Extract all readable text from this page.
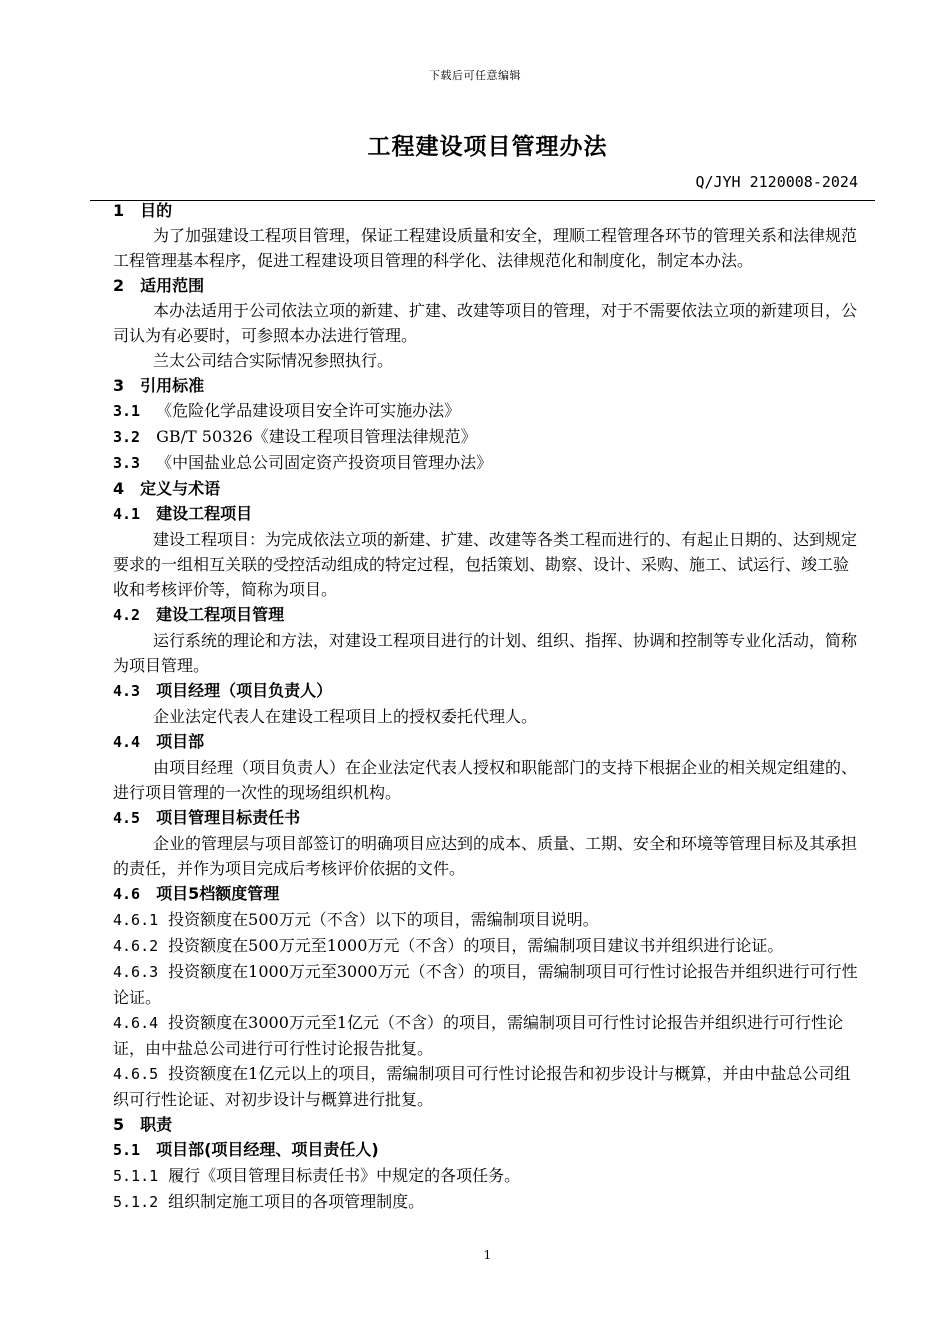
下载后可任意编辑
工程建设项目管理办法
Q/JYH 2120008-2024
1 目的
为了加强建设工程项目管理，保证工程建设质量和安全，理顺工程管理各环节的管理关系和法律规范工程管理基本程序，促进工程建设项目管理的科学化、法律规范化和制度化，制定本办法。
2 适用范围
本办法适用于公司依法立项的新建、扩建、改建等项目的管理，对于不需要依法立项的新建项目，公司认为有必要时，可参照本办法进行管理。
兰太公司结合实际情况参照执行。
3 引用标准
3.1 《危险化学品建设项目安全许可实施办法》
3.2 GB/T 50326《建设工程项目管理法律规范》
3.3 《中国盐业总公司固定资产投资项目管理办法》
4 定义与术语
4.1 建设工程项目
建设工程项目：为完成依法立项的新建、扩建、改建等各类工程而进行的、有起止日期的、达到规定要求的一组相互关联的受控活动组成的特定过程，包括策划、勘察、设计、采购、施工、试运行、竣工验收和考核评价等，简称为项目。
4.2 建设工程项目管理
运行系统的理论和方法，对建设工程项目进行的计划、组织、指挥、协调和控制等专业化活动，简称为项目管理。
4.3 项目经理（项目负责人）
企业法定代表人在建设工程项目上的授权委托代理人。
4.4 项目部
由项目经理（项目负责人）在企业法定代表人授权和职能部门的支持下根据企业的相关规定组建的、进行项目管理的一次性的现场组织机构。
4.5 项目管理目标责任书
企业的管理层与项目部签订的明确项目应达到的成本、质量、工期、安全和环境等管理目标及其承担的责任，并作为项目完成后考核评价依据的文件。
4.6 项目5档额度管理
4.6.1 投资额度在500万元（不含）以下的项目，需编制项目说明。
4.6.2 投资额度在500万元至1000万元（不含）的项目，需编制项目建议书并组织进行论证。
4.6.3 投资额度在1000万元至3000万元（不含）的项目，需编制项目可行性讨论报告并组织进行可行性论证。
4.6.4 投资额度在3000万元至1亿元（不含）的项目，需编制项目可行性讨论报告并组织进行可行性论证，由中盐总公司进行可行性讨论报告批复。
4.6.5 投资额度在1亿元以上的项目，需编制项目可行性讨论报告和初步设计与概算，并由中盐总公司组织可行性论证、对初步设计与概算进行批复。
5 职责
5.1 项目部(项目经理、项目责任人)
5.1.1 履行《项目管理目标责任书》中规定的各项任务。
5.1.2 组织制定施工项目的各项管理制度。
1
